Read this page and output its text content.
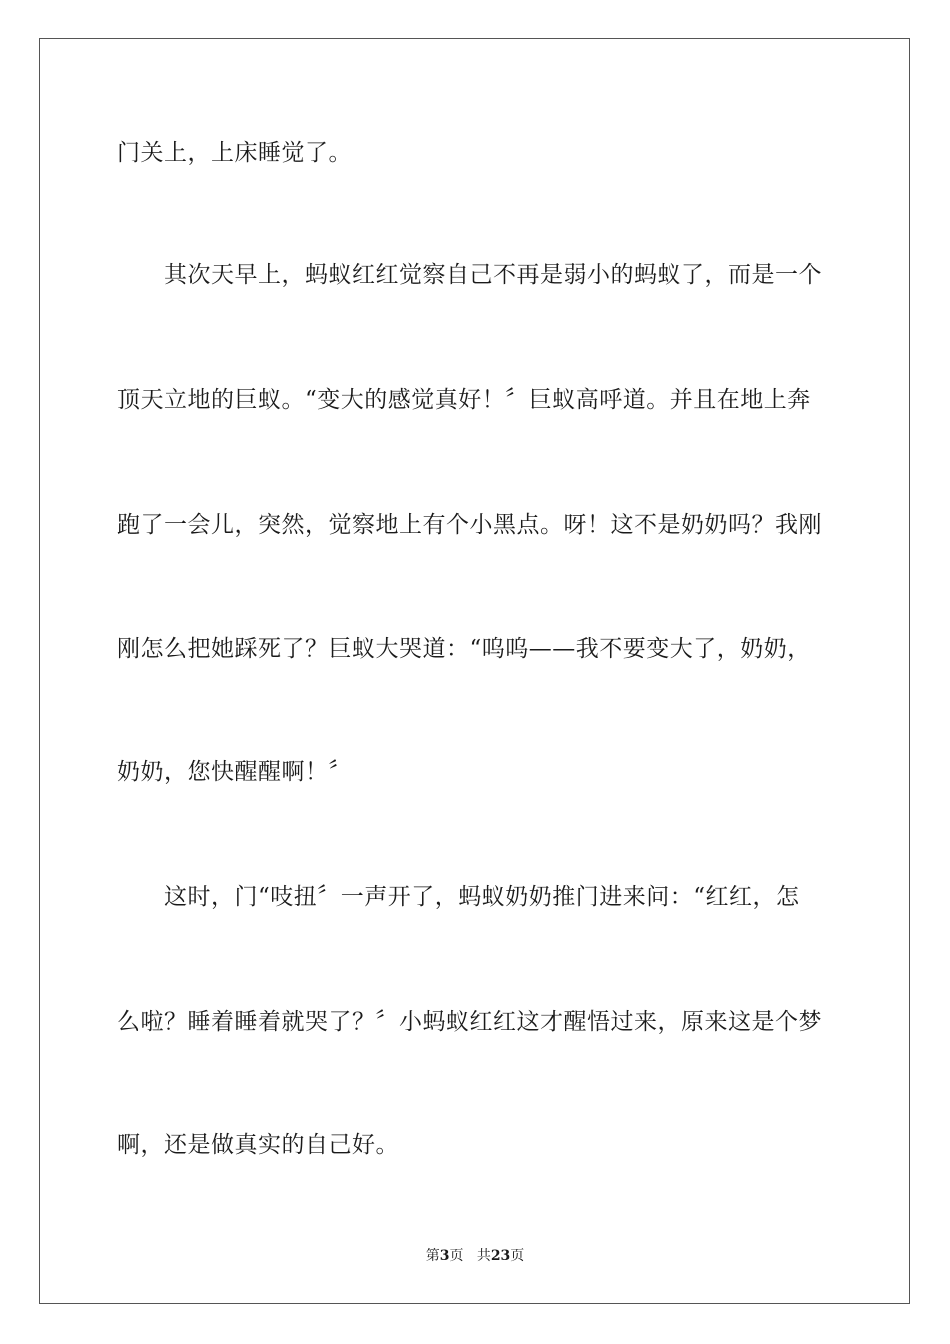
门关上，上床睡觉了。
其次天早上，蚂蚁红红觉察自己不再是弱小的蚂蚁了，而是一个
顶天立地的巨蚁。“变大的感觉真好！〞巨蚁高呼道。并且在地上奔
跑了一会儿，突然，觉察地上有个小黑点。呀！这不是奶奶吗？我刚
刚怎么把她踩死了？巨蚁大哭道：“呜呜——我不要变大了，奶奶，
奶奶，您快醒醒啊！〞
这时，门“吱扭〞一声开了，蚂蚁奶奶推门进来问：“红红，怎
么啦？睡着睡着就哭了？〞小蚂蚁红红这才醒悟过来，原来这是个梦
啊，还是做真实的自己好。
第3页 共23页
